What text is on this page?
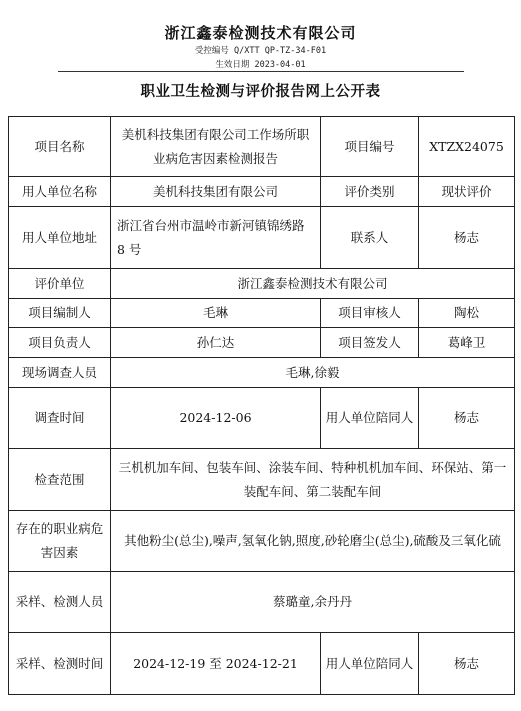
浙江鑫泰检测技术有限公司
受控编号 Q/XTT QP-TZ-34-F01
生效日期 2023-04-01
职业卫生检测与评价报告网上公开表
项目名称	美机科技集团有限公司工作场所职业病危害因素检测报告	项目编号	XTZX24075
用人单位名称	美机科技集团有限公司	评价类别	现状评价
用人单位地址	浙江省台州市温岭市新河镇锦绣路 8 号	联系人	杨志
评价单位	浙江鑫泰检测技术有限公司		
项目编制人	毛琳	项目审核人	陶松
项目负责人	孙仁达	项目签发人	葛峰卫
现场调查人员	毛琳,徐毅		
调查时间	2024-12-06	用人单位陪同人	杨志
检查范围	三机机加车间、包装车间、涂装车间、特种机机加车间、环保站、第一装配车间、第二装配车间		
存在的职业病危害因素	其他粉尘(总尘),噪声,氢氧化钠,照度,砂轮磨尘(总尘),硫酸及三氧化硫		
采样、检测人员	蔡璐童,余丹丹		
采样、检测时间	2024-12-19 至 2024-12-21	用人单位陪同人	杨志
